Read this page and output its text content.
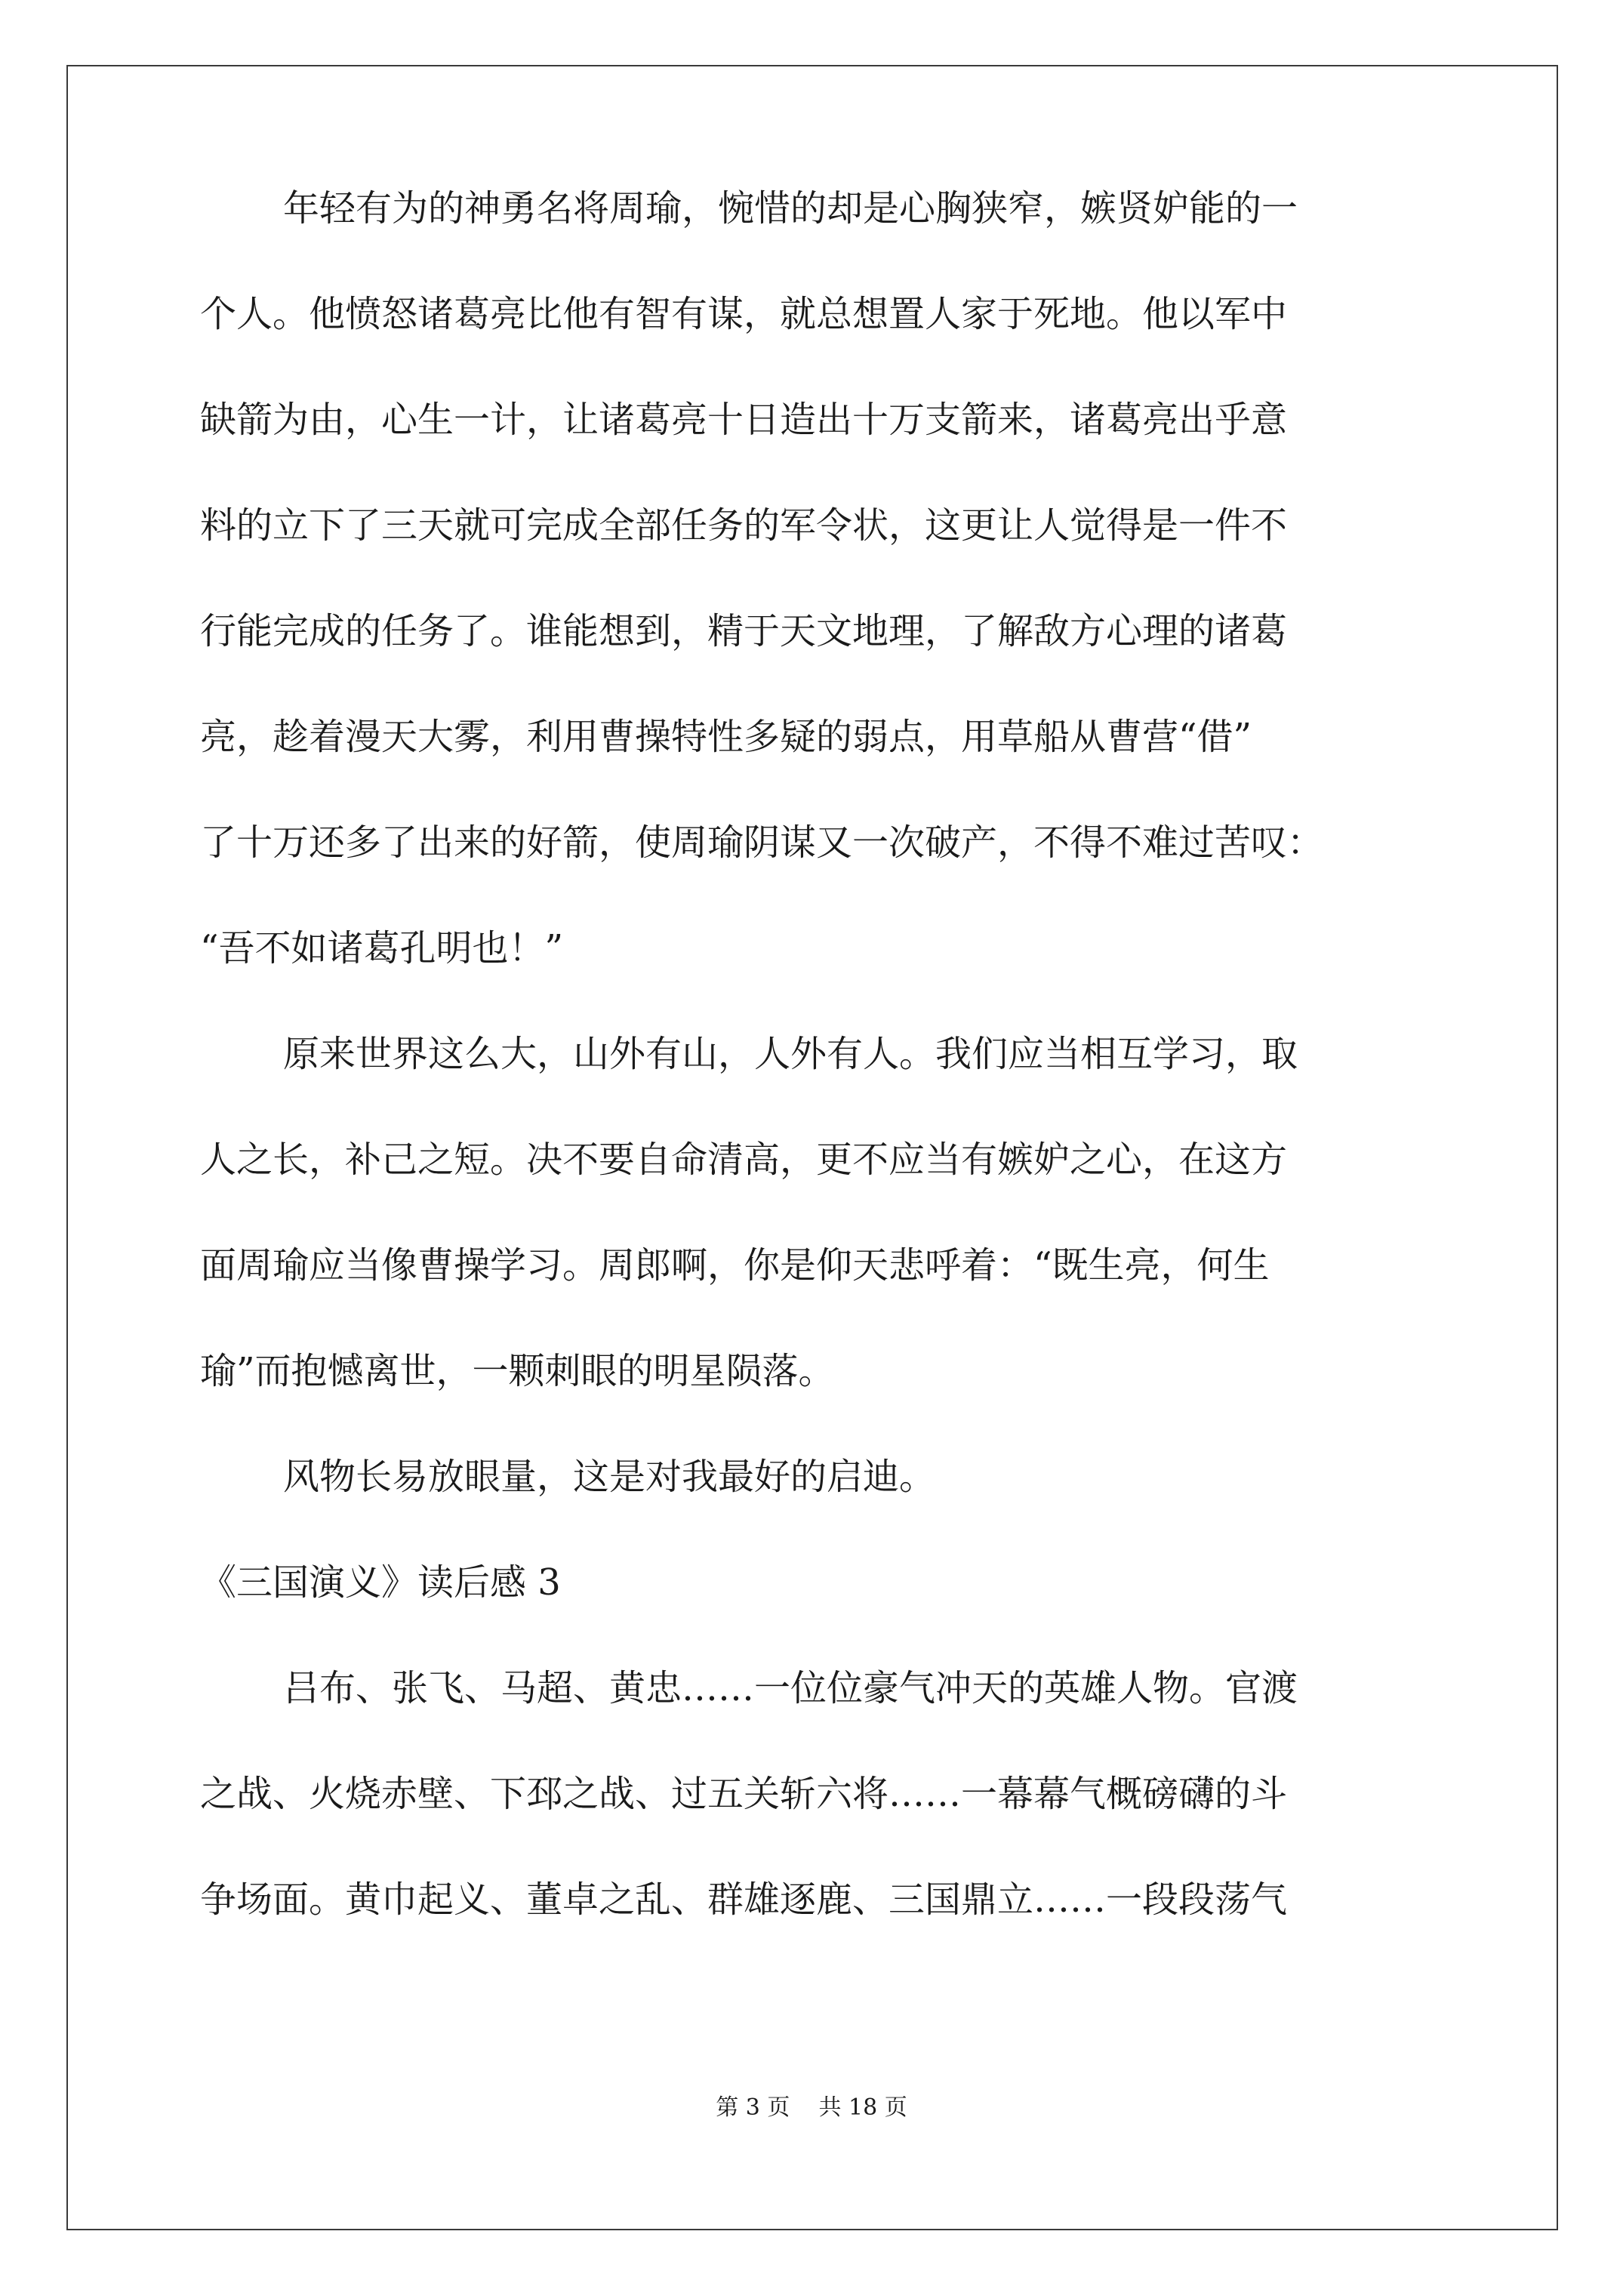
年轻有为的神勇名将周瑜，惋惜的却是心胸狭窄，嫉贤妒能的一
个人。他愤怒诸葛亮比他有智有谋，就总想置人家于死地。他以军中
缺箭为由，心生一计，让诸葛亮十日造出十万支箭来，诸葛亮出乎意
料的立下了三天就可完成全部任务的军令状，这更让人觉得是一件不
行能完成的任务了。谁能想到，精于天文地理，了解敌方心理的诸葛
亮，趁着漫天大雾，利用曹操特性多疑的弱点，用草船从曹营“借”
了十万还多了出来的好箭，使周瑜阴谋又一次破产，不得不难过苦叹：
“吾不如诸葛孔明也！”
原来世界这么大，山外有山，人外有人。我们应当相互学习，取
人之长，补己之短。决不要自命清高，更不应当有嫉妒之心，在这方
面周瑜应当像曹操学习。周郎啊，你是仰天悲呼着：“既生亮，何生
瑜”而抱憾离世，一颗刺眼的明星陨落。
风物长易放眼量，这是对我最好的启迪。
《三国演义》读后感 3
吕布、张飞、马超、黄忠……一位位豪气冲天的英雄人物。官渡
之战、火烧赤壁、下邳之战、过五关斩六将……一幕幕气概磅礴的斗
争场面。黄巾起义、董卓之乱、群雄逐鹿、三国鼎立……一段段荡气
第 3 页    共 18 页
